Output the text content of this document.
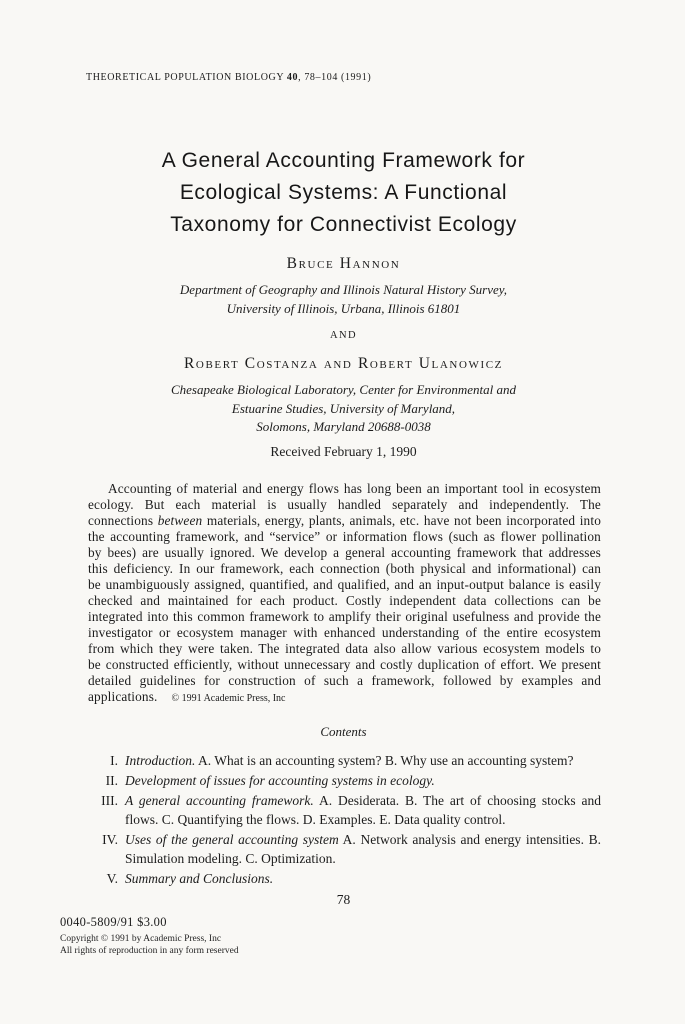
THEORETICAL POPULATION BIOLOGY 40, 78–104 (1991)
A General Accounting Framework for
Ecological Systems: A Functional
Taxonomy for Connectivist Ecology
Bruce Hannon
Department of Geography and Illinois Natural History Survey,
University of Illinois, Urbana, Illinois 61801
AND
Robert Costanza and Robert Ulanowicz
Chesapeake Biological Laboratory, Center for Environmental and
Estuarine Studies, University of Maryland,
Solomons, Maryland 20688-0038
Received February 1, 1990

Accounting of material and energy flows has long been an important tool in ecosystem ecology. But each material is usually handled separately and independently. The connections between materials, energy, plants, animals, etc. have not been incorporated into the accounting framework, and “service” or information flows (such as flower pollination by bees) are usually ignored. We develop a general accounting framework that addresses this deficiency. In our framework, each connection (both physical and informational) can be unambiguously assigned, quantified, and qualified, and an input-output balance is easily checked and maintained for each product. Costly independent data collections can be integrated into this common framework to amplify their original usefulness and provide the investigator or ecosystem manager with enhanced understanding of the entire ecosystem from which they were taken. The integrated data also allow various ecosystem models to be constructed efficiently, without unnecessary and costly duplication of effort. We present detailed guidelines for construction of such a framework, followed by examples and applications. © 1991 Academic Press, Inc

Contents
I. Introduction. A. What is an accounting system? B. Why use an accounting system?
II. Development of issues for accounting systems in ecology.
III. A general accounting framework. A. Desiderata. B. The art of choosing stocks and flows. C. Quantifying the flows. D. Examples. E. Data quality control.
IV. Uses of the general accounting system A. Network analysis and energy intensities. B. Simulation modeling. C. Optimization.
V. Summary and Conclusions.
78
0040-5809/91 $3.00
Copyright © 1991 by Academic Press, Inc
All rights of reproduction in any form reserved
